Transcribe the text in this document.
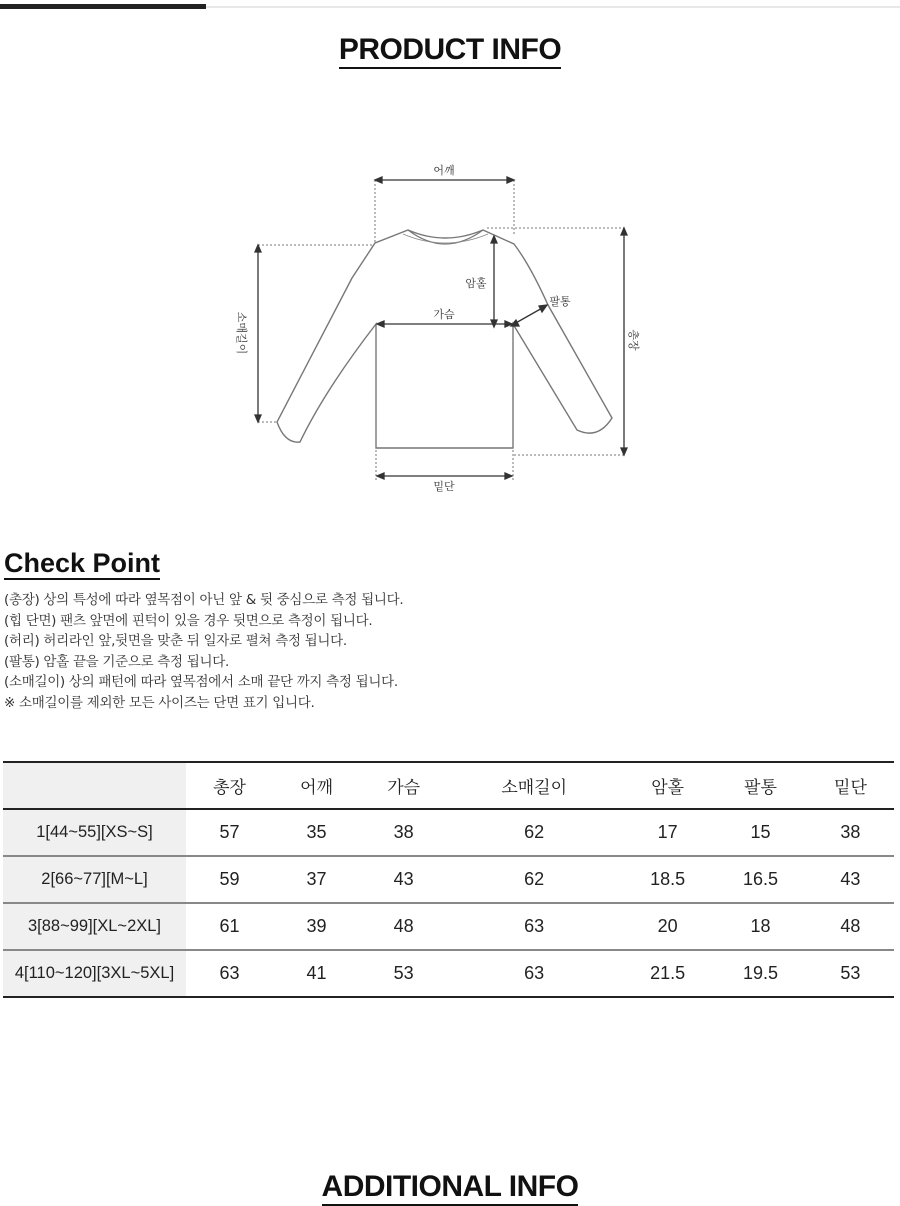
PRODUCT INFO
어깨
암홀
팔통
가슴
소매길이	총장
밑단
Check Point
(총장) 상의 특성에 따라 옆목점이 아닌 앞 & 뒷 중심으로 측정 됩니다.
(힙 단면) 팬츠 앞면에 핀턱이 있을 경우 뒷면으로 측정이 됩니다.
(허리) 허리라인 앞,뒷면을 맞춘 뒤 일자로 펼쳐 측정 됩니다.
(팔통) 암홀 끝을 기준으로 측정 됩니다.
(소매길이) 상의 패턴에 따라 옆목점에서 소매 끝단 까지 측정 됩니다.
※ 소매길이를 제외한 모든 사이즈는 단면 표기 입니다.
	총장	어깨	가슴	소매길이	암홀	팔통	밑단
1[44~55][XS~S]	57	35	38	62	17	15	38
2[66~77][M~L]	59	37	43	62	18.5	16.5	43
3[88~99][XL~2XL]	61	39	48	63	20	18	48
4[110~120][3XL~5XL]	63	41	53	63	21.5	19.5	53
ADDITIONAL INFO
